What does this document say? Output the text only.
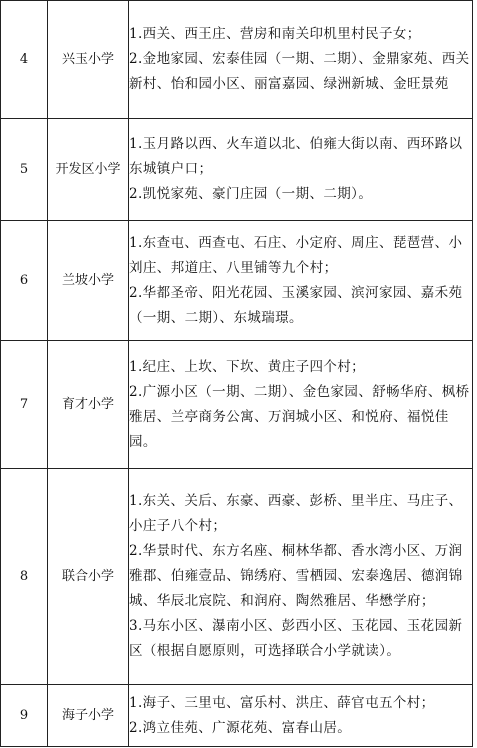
4	兴玉小学	1.西关、西王庄、营房和南关印机里村民子女；
2.金地家园、宏泰佳园（一期、二期）、金鼎家苑、西关新村、怡和园小区、丽富嘉园、绿洲新城、金旺景苑

5	开发区小学	1.玉月路以西、火车道以北、伯雍大街以南、西环路以东城镇户口；
2.凯悦家苑、豪门庄园（一期、二期）。

6	兰坡小学	1.东查屯、西查屯、石庄、小定府、周庄、琵琶营、小刘庄、邦道庄、八里铺等九个村；
2.华都圣帝、阳光花园、玉溪家园、滨河家园、嘉禾苑（一期、二期）、东城瑞璟。

7	育才小学	1.纪庄、上坎、下坎、黄庄子四个村；
2.广源小区（一期、二期）、金色家园、舒畅华府、枫桥雅居、兰亭商务公寓、万润城小区、和悦府、福悦佳园。

8	联合小学	1.东关、关后、东豪、西豪、彭桥、里半庄、马庄子、小庄子八个村；
2.华景时代、东方名座、桐林华都、香水湾小区、万润雅郡、伯雍壹品、锦绣府、雪栖园、宏泰逸居、德润锦城、华辰北宸院、和润府、陶然雅居、华懋学府；
3.马东小区、瀑南小区、彭西小区、玉花园、玉花园新区（根据自愿原则，可选择联合小学就读）。

9	海子小学	1.海子、三里屯、富乐村、洪庄、薛官屯五个村；
2.鸿立佳苑、广源花苑、富春山居。
